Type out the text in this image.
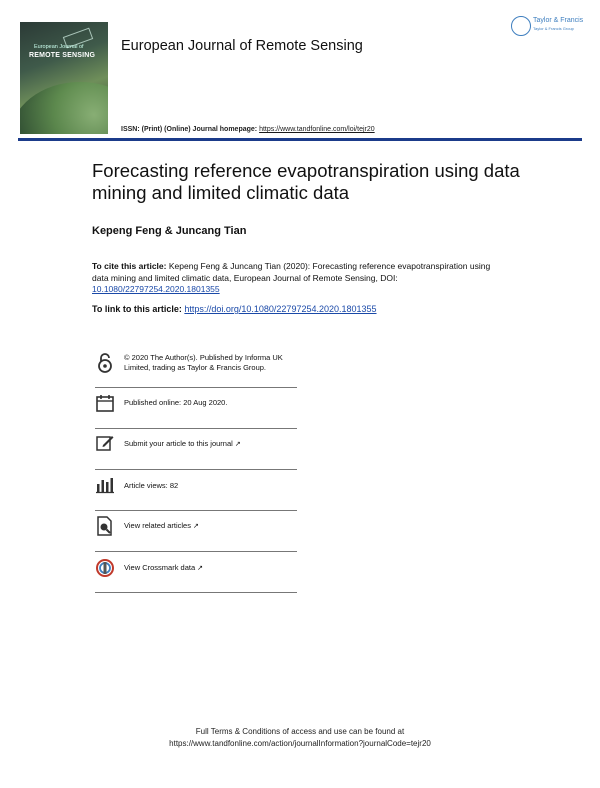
European Journal of
REMOTE SENSING
European Journal of Remote Sensing
Taylor & Francis
Taylor & Francis Group
ISSN: (Print) (Online) Journal homepage: https://www.tandfonline.com/loi/tejr20
Forecasting reference evapotranspiration using data mining and limited climatic data
Kepeng Feng & Juncang Tian
To cite this article: Kepeng Feng & Juncang Tian (2020): Forecasting reference evapotranspiration using data mining and limited climatic data, European Journal of Remote Sensing, DOI: 10.1080/22797254.2020.1801355
To link to this article: https://doi.org/10.1080/22797254.2020.1801355
© 2020 The Author(s). Published by Informa UK Limited, trading as Taylor & Francis Group.
Published online: 20 Aug 2020.
Submit your article to this journal ↗
Article views: 82
View related articles ↗
View Crossmark data ↗
Full Terms & Conditions of access and use can be found at
https://www.tandfonline.com/action/journalInformation?journalCode=tejr20
